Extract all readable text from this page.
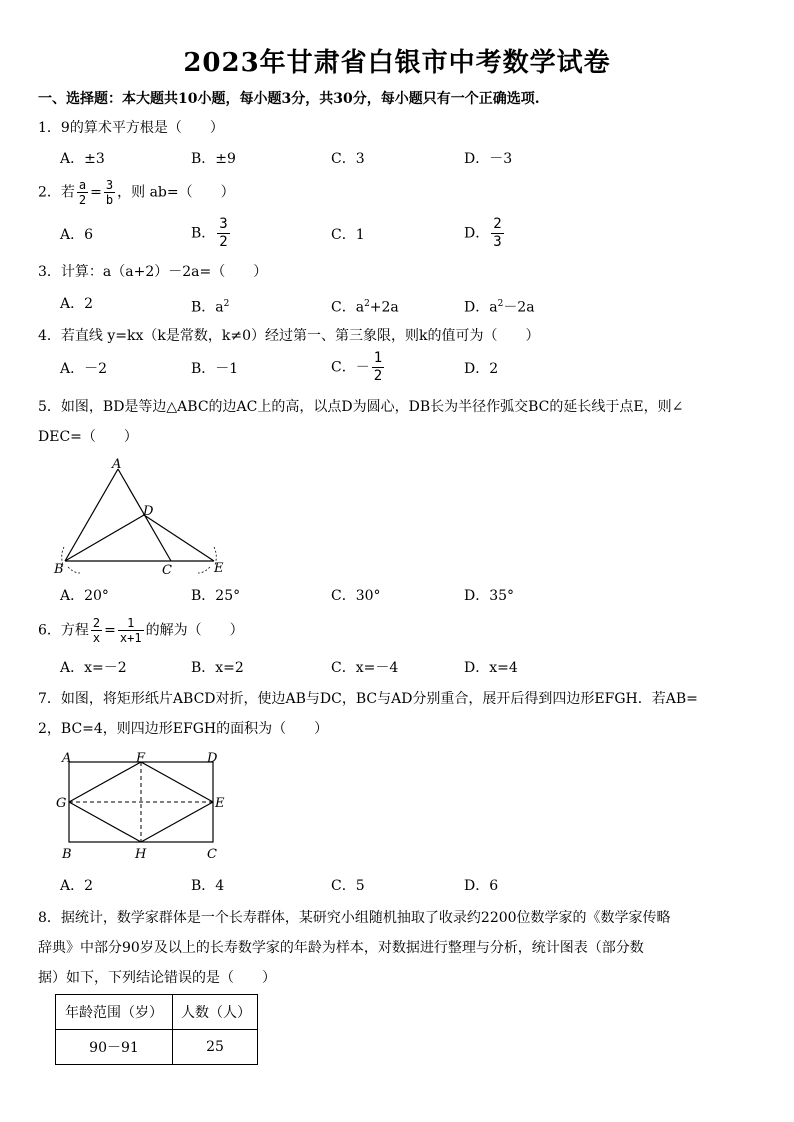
2023年甘肃省白银市中考数学试卷
一、选择题：本大题共10小题，每小题3分，共30分，每小题只有一个正确选项.
1．9的算术平方根是（　　）
A．±3	B．±9	C．3	D．－3
2．若 $\frac{a}{2} = \frac{3}{b}$ ，则 ab=（　　）
A．6	B． $\frac{3}{2}$	C．1	D． $\frac{2}{3}$
3．计算：a（a+2）－2a=（　　）
A．2	B．$a^2$	C．$a^2+2a$	D．$a^2-2a$
4．若直线 y=kx（k是常数，k≠0）经过第一、第三象限，则k的值可为（　　）
A．－2	B．－1	C．－ $\frac{1}{2}$	D．2
5．如图，BD是等边△ABC的边AC上的高，以点D为圆心，DB长为半径作弧交BC的延长线于点E，则∠
DEC=（　　）
A
B	C
D
E
A．20°	B．25°	C．30°	D．35°
6．方程 $\frac{2}{x} = \frac{1}{x+1}$ 的解为（　　）
A．x=－2	B．x=2	C．x=－4	D．x=4
7．如图，将矩形纸片ABCD对折，使边AB与DC，BC与AD分别重合，展开后得到四边形EFGH．若AB=
2，BC=4，则四边形EFGH的面积为（　　）
A	F	D
G	E
B	H	C
A．2	B．4	C．5	D．6
8．据统计，数学家群体是一个长寿群体，某研究小组随机抽取了收录约2200位数学家的《数学家传略
辞典》中部分90岁及以上的长寿数学家的年龄为样本，对数据进行整理与分析，统计图表（部分数
据）如下，下列结论错误的是（　　）
年龄范围（岁）	人数（人）
90－91	25
